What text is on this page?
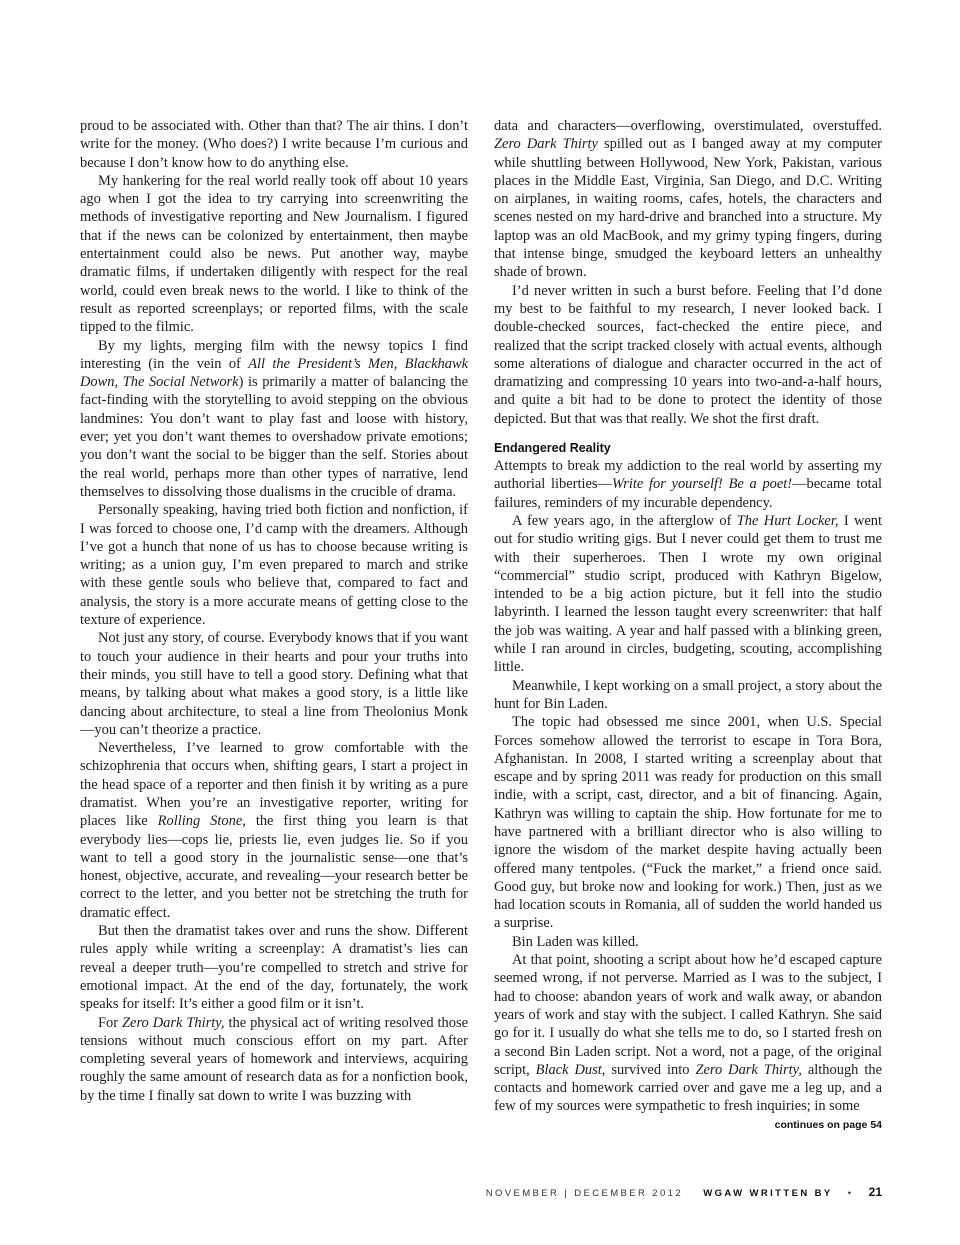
proud to be associated with. Other than that? The air thins. I don’t write for the money. (Who does?) I write because I’m curious and because I don’t know how to do anything else.

My hankering for the real world really took off about 10 years ago when I got the idea to try carrying into screenwriting the methods of investigative reporting and New Journalism. I figured that if the news can be colonized by entertainment, then maybe entertainment could also be news. Put another way, maybe dramatic films, if undertaken diligently with respect for the real world, could even break news to the world. I like to think of the result as reported screenplays; or reported films, with the scale tipped to the filmic.

By my lights, merging film with the newsy topics I find interesting (in the vein of All the President’s Men, Blackhawk Down, The Social Network) is primarily a matter of balancing the fact-finding with the storytelling to avoid stepping on the obvious landmines: You don’t want to play fast and loose with history, ever; yet you don’t want themes to overshadow private emotions; you don’t want the social to be bigger than the self. Stories about the real world, perhaps more than other types of narrative, lend themselves to dissolving those dualisms in the crucible of drama.

Personally speaking, having tried both fiction and nonfiction, if I was forced to choose one, I’d camp with the dreamers. Although I’ve got a hunch that none of us has to choose because writing is writing; as a union guy, I’m even prepared to march and strike with these gentle souls who believe that, compared to fact and analysis, the story is a more accurate means of getting close to the texture of experience.

Not just any story, of course. Everybody knows that if you want to touch your audience in their hearts and pour your truths into their minds, you still have to tell a good story. Defining what that means, by talking about what makes a good story, is a little like dancing about architecture, to steal a line from Theolonius Monk—you can’t theorize a practice.

Nevertheless, I’ve learned to grow comfortable with the schizophrenia that occurs when, shifting gears, I start a project in the head space of a reporter and then finish it by writing as a pure dramatist. When you’re an investigative reporter, writing for places like Rolling Stone, the first thing you learn is that everybody lies—cops lie, priests lie, even judges lie. So if you want to tell a good story in the journalistic sense—one that’s honest, objective, accurate, and revealing—your research better be correct to the letter, and you better not be stretching the truth for dramatic effect.

But then the dramatist takes over and runs the show. Different rules apply while writing a screenplay: A dramatist’s lies can reveal a deeper truth—you’re compelled to stretch and strive for emotional impact. At the end of the day, fortunately, the work speaks for itself: It’s either a good film or it isn’t.

For Zero Dark Thirty, the physical act of writing resolved those tensions without much conscious effort on my part. After completing several years of homework and interviews, acquiring roughly the same amount of research data as for a nonfiction book, by the time I finally sat down to write I was buzzing with

data and characters—overflowing, overstimulated, overstuffed. Zero Dark Thirty spilled out as I banged away at my computer while shuttling between Hollywood, New York, Pakistan, various places in the Middle East, Virginia, San Diego, and D.C. Writing on airplanes, in waiting rooms, cafes, hotels, the characters and scenes nested on my hard-drive and branched into a structure. My laptop was an old MacBook, and my grimy typing fingers, during that intense binge, smudged the keyboard letters an unhealthy shade of brown.

I’d never written in such a burst before. Feeling that I’d done my best to be faithful to my research, I never looked back. I double-checked sources, fact-checked the entire piece, and realized that the script tracked closely with actual events, although some alterations of dialogue and character occurred in the act of dramatizing and compressing 10 years into two-and-a-half hours, and quite a bit had to be done to protect the identity of those depicted. But that was that really. We shot the first draft.

Endangered Reality

Attempts to break my addiction to the real world by asserting my authorial liberties—Write for yourself! Be a poet!—became total failures, reminders of my incurable dependency.

A few years ago, in the afterglow of The Hurt Locker, I went out for studio writing gigs. But I never could get them to trust me with their superheroes. Then I wrote my own original “commercial” studio script, produced with Kathryn Bigelow, intended to be a big action picture, but it fell into the studio labyrinth. I learned the lesson taught every screenwriter: that half the job was waiting. A year and half passed with a blinking green, while I ran around in circles, budgeting, scouting, accomplishing little.

Meanwhile, I kept working on a small project, a story about the hunt for Bin Laden.

The topic had obsessed me since 2001, when U.S. Special Forces somehow allowed the terrorist to escape in Tora Bora, Afghanistan. In 2008, I started writing a screenplay about that escape and by spring 2011 was ready for production on this small indie, with a script, cast, director, and a bit of financing. Again, Kathryn was willing to captain the ship. How fortunate for me to have partnered with a brilliant director who is also willing to ignore the wisdom of the market despite having actually been offered many tentpoles. (“Fuck the market,” a friend once said. Good guy, but broke now and looking for work.) Then, just as we had location scouts in Romania, all of sudden the world handed us a surprise.

Bin Laden was killed.

At that point, shooting a script about how he’d escaped capture seemed wrong, if not perverse. Married as I was to the subject, I had to choose: abandon years of work and walk away, or abandon years of work and stay with the subject. I called Kathryn. She said go for it. I usually do what she tells me to do, so I started fresh on a second Bin Laden script. Not a word, not a page, of the original script, Black Dust, survived into Zero Dark Thirty, although the contacts and homework carried over and gave me a leg up, and a few of my sources were sympathetic to fresh inquiries; in some

continues on page 54
NOVEMBER | DECEMBER 2012 WGAW WRITTEN BY • 21
